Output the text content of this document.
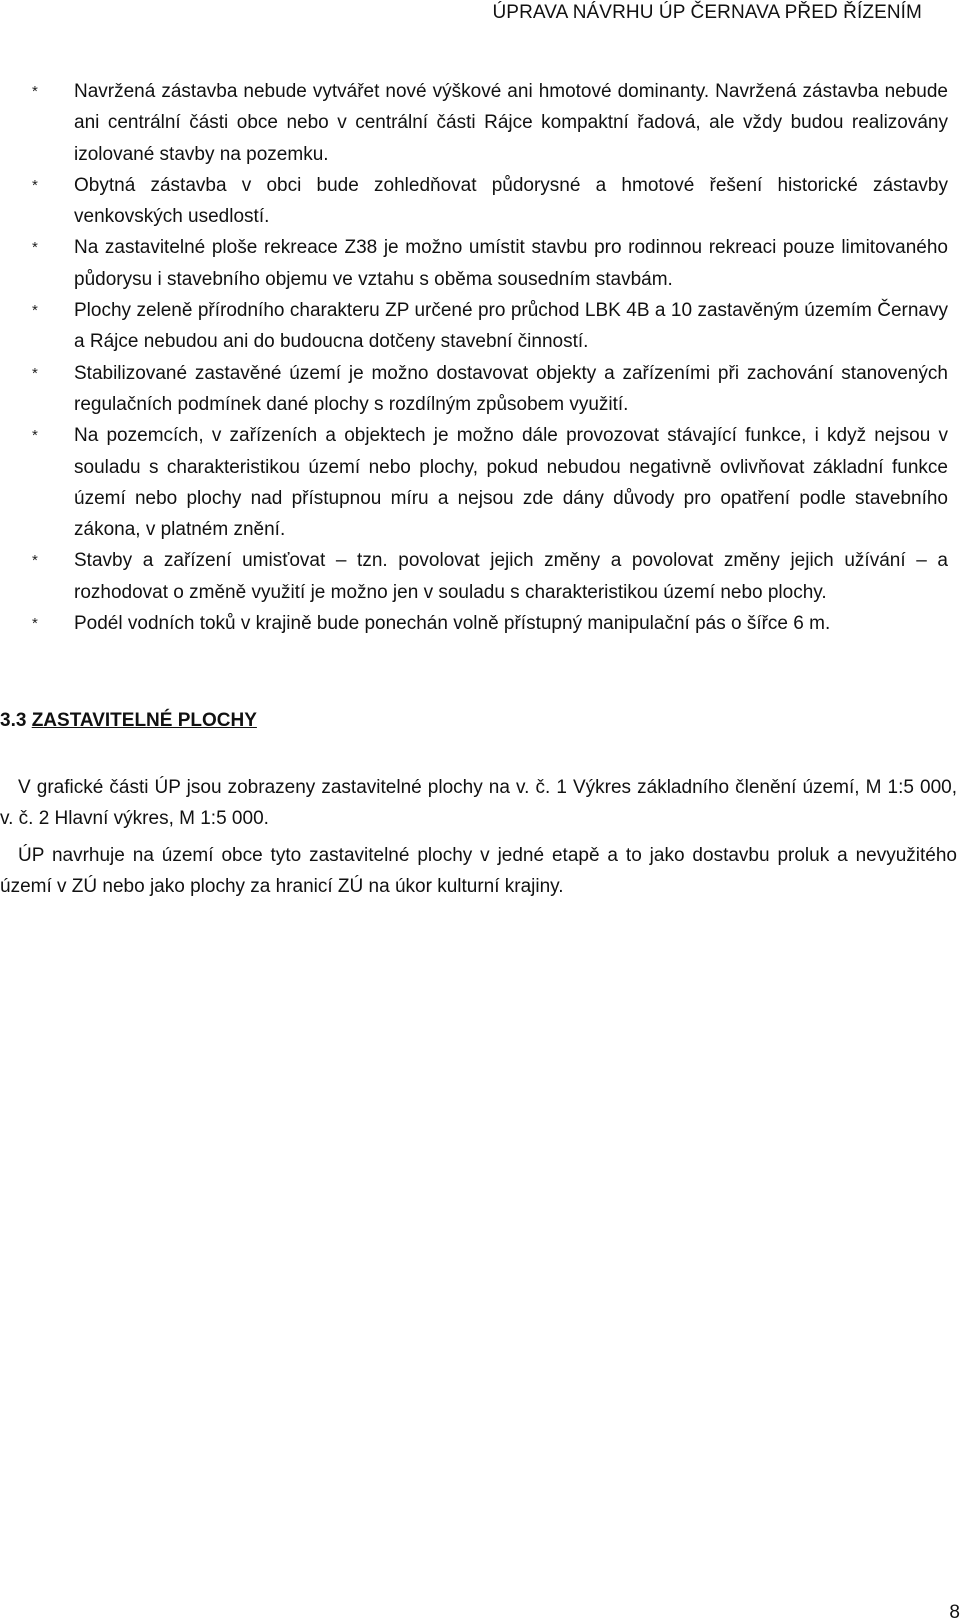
ÚPRAVA NÁVRHU ÚP ČERNAVA PŘED ŘÍZENÍM
* Navržená zástavba nebude vytvářet nové výškové ani hmotové dominanty. Navržená zástavba nebude ani centrální části obce nebo v centrální části Rájce kompaktní řadová, ale vždy budou realizovány izolované stavby na pozemku.
* Obytná zástavba v obci bude zohledňovat půdorysné a hmotové řešení historické zástavby venkovských usedlostí.
* Na zastavitelné ploše rekreace Z38 je možno umístit stavbu pro rodinnou rekreaci pouze limitovaného půdorysu i stavebního objemu ve vztahu s oběma sousedním stavbám.
* Plochy zeleně přírodního charakteru ZP určené pro průchod LBK 4B a 10 zastavěným územím Černavy a Rájce nebudou ani do budoucna dotčeny stavební činností.
* Stabilizované zastavěné území je možno dostavovat objekty a zařízeními při zachování stanovených regulačních podmínek dané plochy s rozdílným způsobem využití.
* Na pozemcích, v zařízeních a objektech je možno dále provozovat stávající funkce, i když nejsou v souladu s charakteristikou území nebo plochy, pokud nebudou negativně ovlivňovat základní funkce území nebo plochy nad přístupnou míru a nejsou zde dány důvody pro opatření podle stavebního zákona, v platném znění.
* Stavby a zařízení umisťovat – tzn. povolovat jejich změny a povolovat změny jejich užívání – a rozhodovat o změně využití je možno jen v souladu s charakteristikou území nebo plochy.
* Podél vodních toků v krajině bude ponechán volně přístupný manipulační pás o šířce 6 m.
3.3 ZASTAVITELNÉ PLOCHY
V grafické části ÚP jsou zobrazeny zastavitelné plochy na v. č. 1 Výkres základního členění území, M 1:5 000, v. č. 2 Hlavní výkres, M 1:5 000.
ÚP navrhuje na území obce tyto zastavitelné plochy v jedné etapě a to jako dostavbu proluk a nevyužitého území v ZÚ nebo jako plochy za hranicí ZÚ na úkor kulturní krajiny.
8
